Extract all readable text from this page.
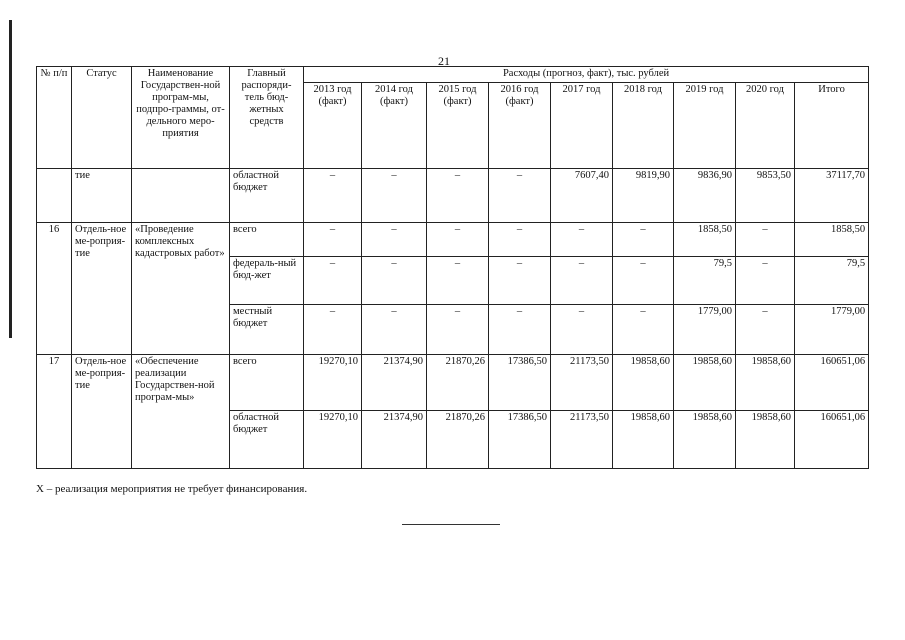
21
№ п/п	Статус	Наименование Государствен-ной програм-мы, подпро-граммы, от-дельного меро-приятия	Главный распоряди-тель бюд-жетных средств	Расходы (прогноз, факт), тыс. рублей								
				2013 год (факт)	2014 год (факт)	2015 год (факт)	2016 год (факт)	2017 год	2018 год	2019 год	2020 год	Итого
	тие		областной бюджет	–	–	–	–	7607,40	9819,90	9836,90	9853,50	37117,70
16	Отдель-ное ме-роприя-тие	«Проведение комплексных кадастровых работ»	всего	–	–	–	–	–	–	1858,50	–	1858,50
			федераль-ный бюд-жет	–	–	–	–	–	–	79,5	–	79,5
			местный бюджет	–	–	–	–	–	–	1779,00	–	1779,00
17	Отдель-ное ме-роприя-тие	«Обеспечение реализации Государствен-ной програм-мы»	всего	19270,10	21374,90	21870,26	17386,50	21173,50	19858,60	19858,60	19858,60	160651,06
			областной бюджет	19270,10	21374,90	21870,26	17386,50	21173,50	19858,60	19858,60	19858,60	160651,06
Х – реализация мероприятия не требует финансирования.
